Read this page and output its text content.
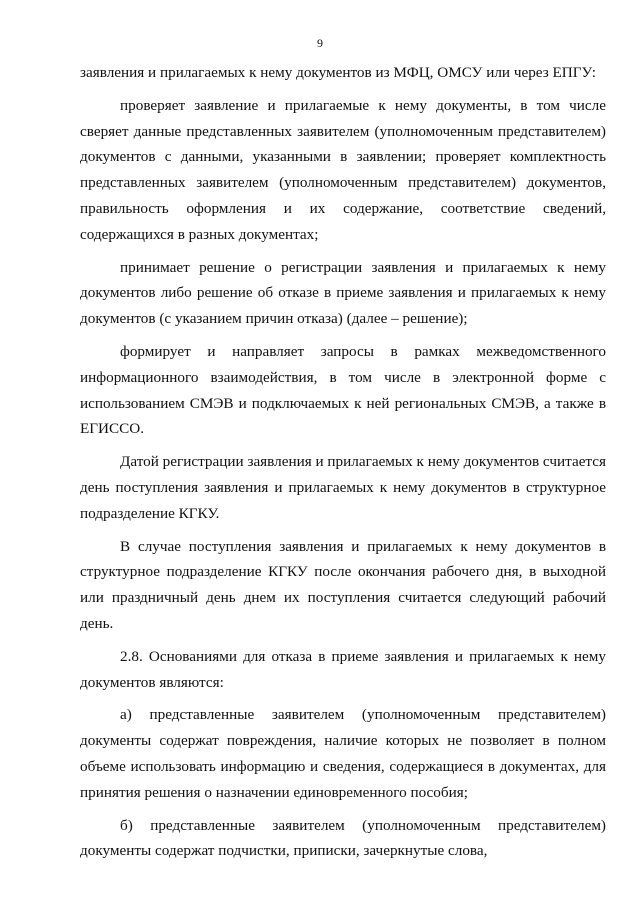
9

заявления и прилагаемых к нему документов из МФЦ, ОМСУ или через ЕПГУ:

проверяет заявление и прилагаемые к нему документы, в том числе сверяет данные представленных заявителем (уполномоченным представителем) документов с данными, указанными в заявлении; проверяет комплектность представленных заявителем (уполномоченным представителем) документов, правильность оформления и их содержание, соответствие сведений, содержащихся в разных документах;

принимает решение о регистрации заявления и прилагаемых к нему документов либо решение об отказе в приеме заявления и прилагаемых к нему документов (с указанием причин отказа) (далее – решение);

формирует и направляет запросы в рамках межведомственного информационного взаимодействия, в том числе в электронной форме с использованием СМЭВ и подключаемых к ней региональных СМЭВ, а также в ЕГИССО.

Датой регистрации заявления и прилагаемых к нему документов считается день поступления заявления и прилагаемых к нему документов в структурное подразделение КГКУ.

В случае поступления заявления и прилагаемых к нему документов в структурное подразделение КГКУ после окончания рабочего дня, в выходной или праздничный день днем их поступления считается следующий рабочий день.

2.8. Основаниями для отказа в приеме заявления и прилагаемых к нему документов являются:

а) представленные заявителем (уполномоченным представителем) документы содержат повреждения, наличие которых не позволяет в полном объеме использовать информацию и сведения, содержащиеся в документах, для принятия решения о назначении единовременного пособия;

б) представленные заявителем (уполномоченным представителем) документы содержат подчистки, приписки, зачеркнутые слова,
